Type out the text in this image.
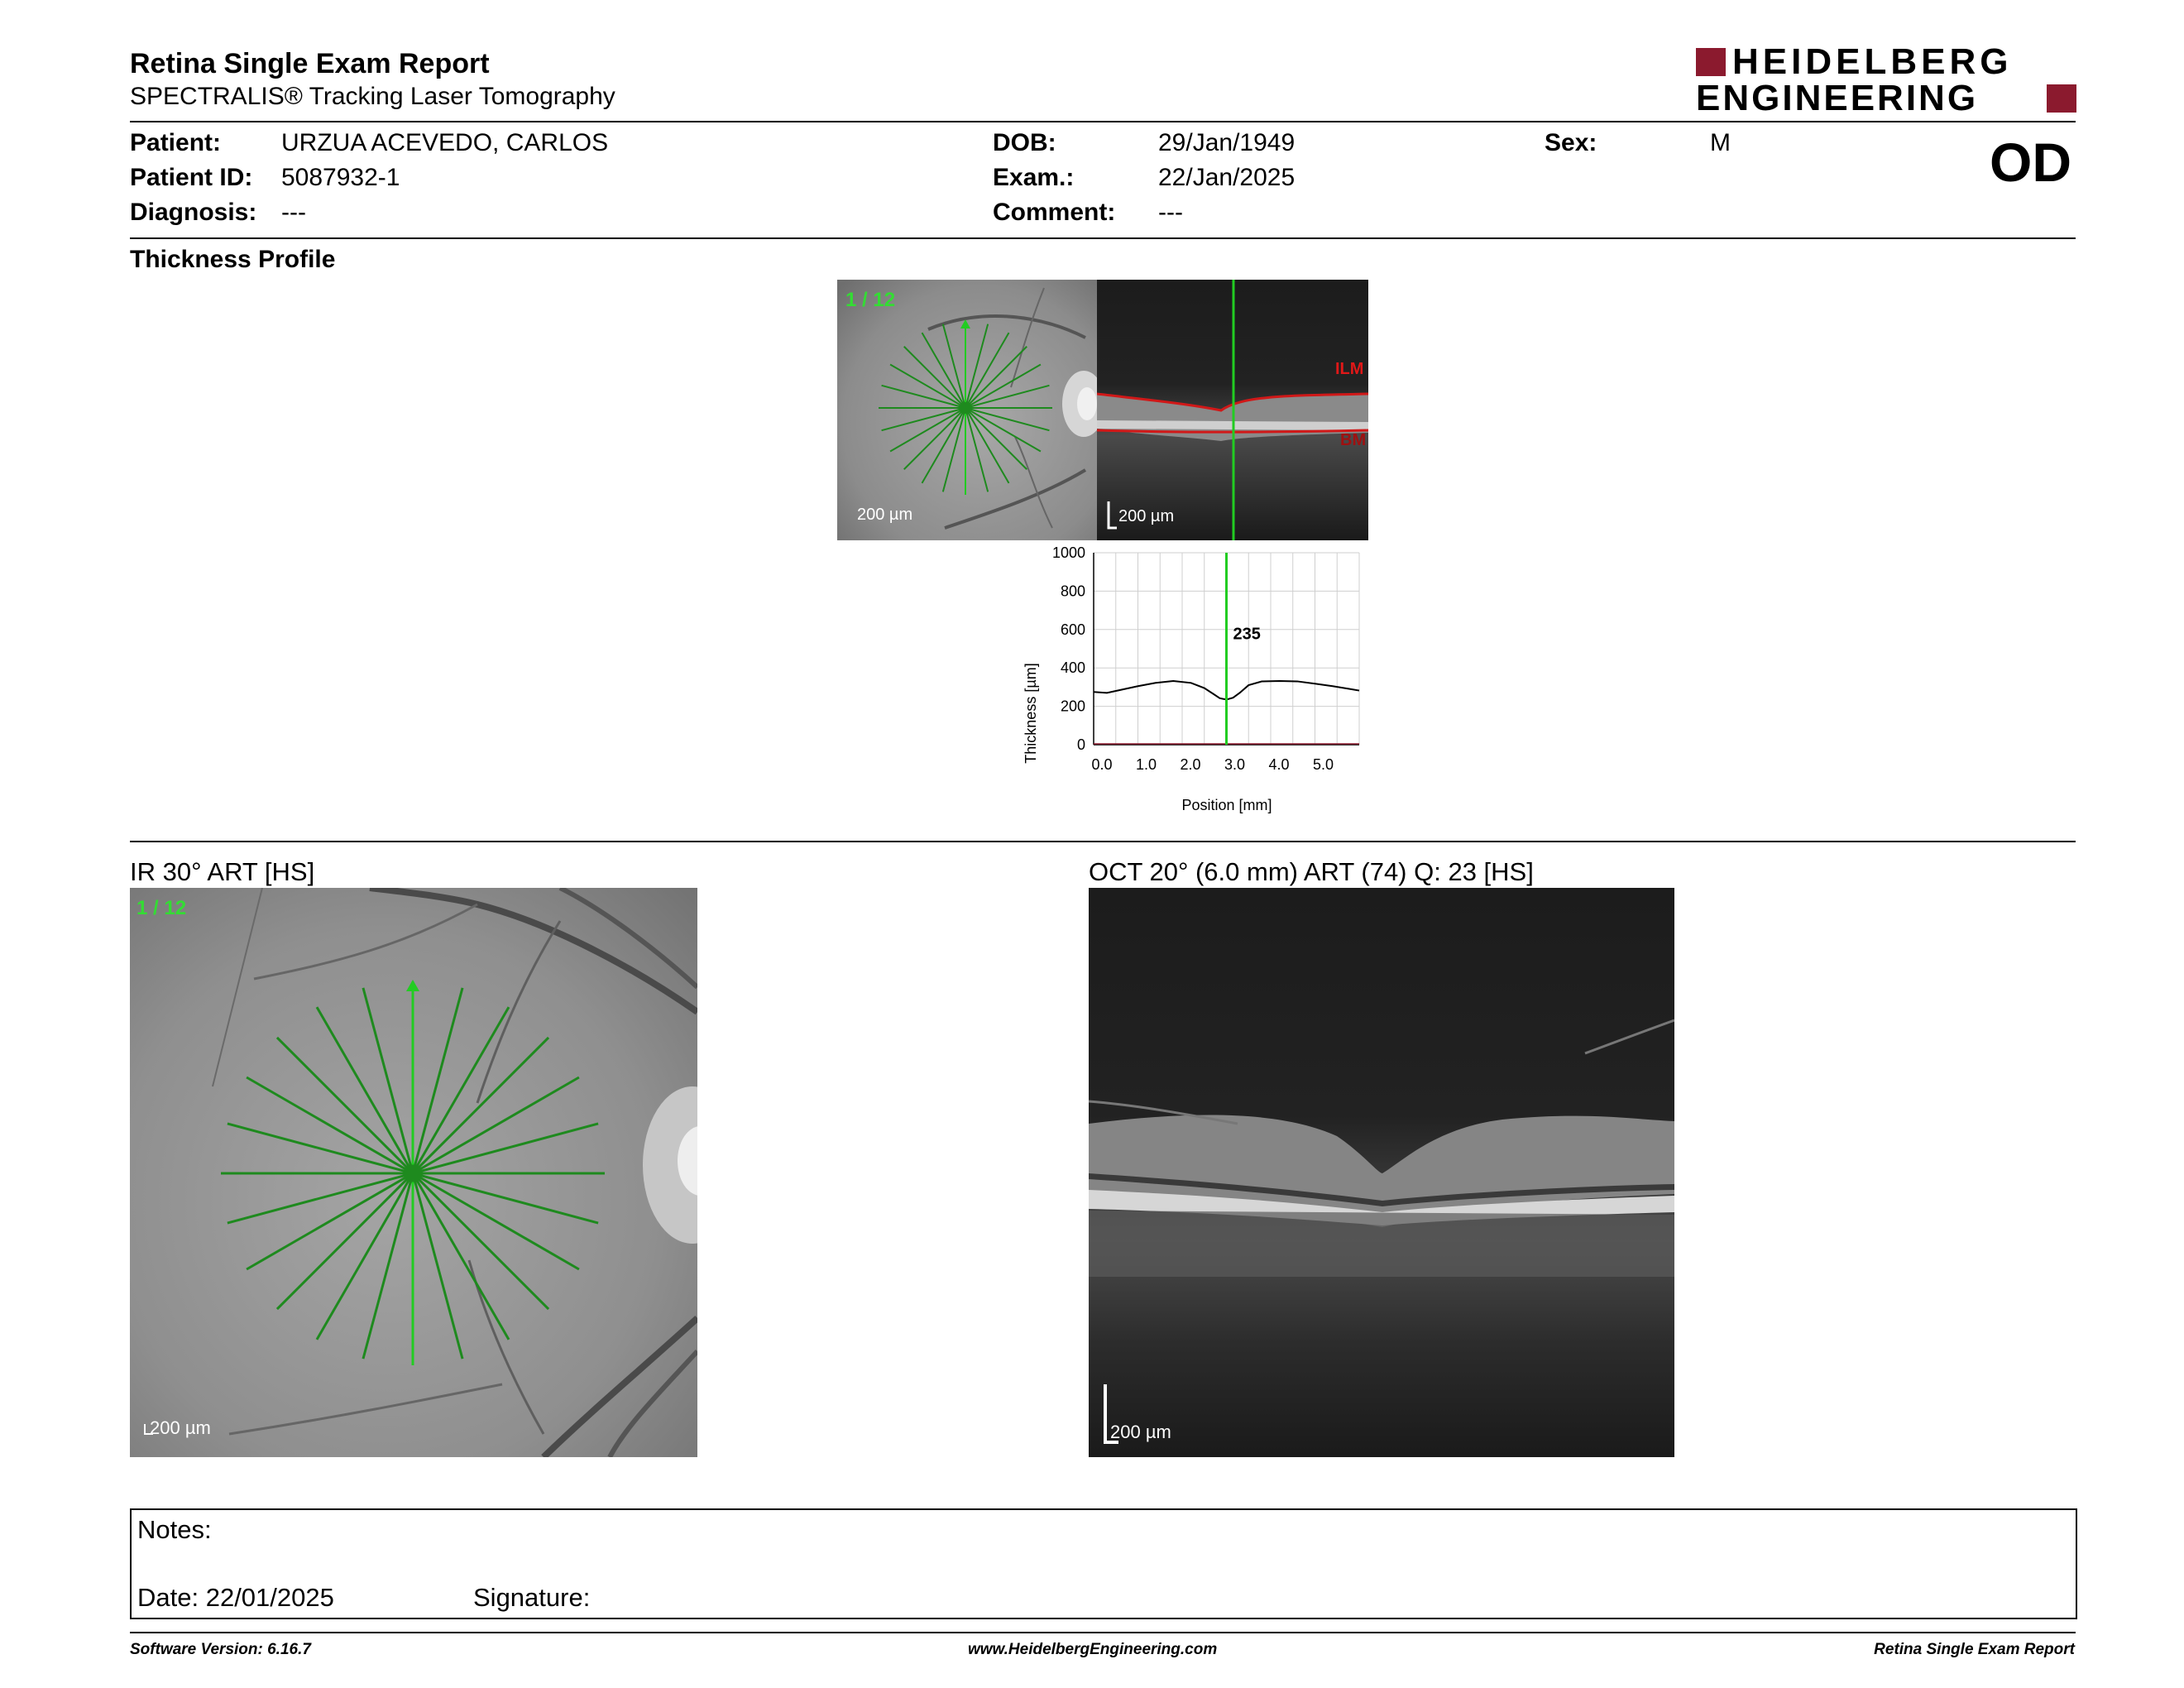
Retina Single Exam Report
SPECTRALIS® Tracking Laser Tomography
HEIDELBERG
ENGINEERING
Patient: URZUA ACEVEDO, CARLOS
Patient ID: 5087932-1
Diagnosis: ---
DOB:	29/Jan/1949
Exam.:	22/Jan/2025
Comment: ---
Sex:	M	OD
Thickness Profile
1 / 12
200 µm
ILM
BM
200 µm
0
200
400
600
800
1000
0.0 1.0 2.0 3.0 4.0 5.0
235
Thickness [µm]
Position [mm]
IR 30° ART [HS]
1 / 12
200 µm
OCT 20° (6.0 mm) ART (74) Q: 23 [HS]
200 µm
Notes:
Date: 22/01/2025	Signature:
Software Version: 6.16.7	www.HeidelbergEngineering.com	Retina Single Exam Report
